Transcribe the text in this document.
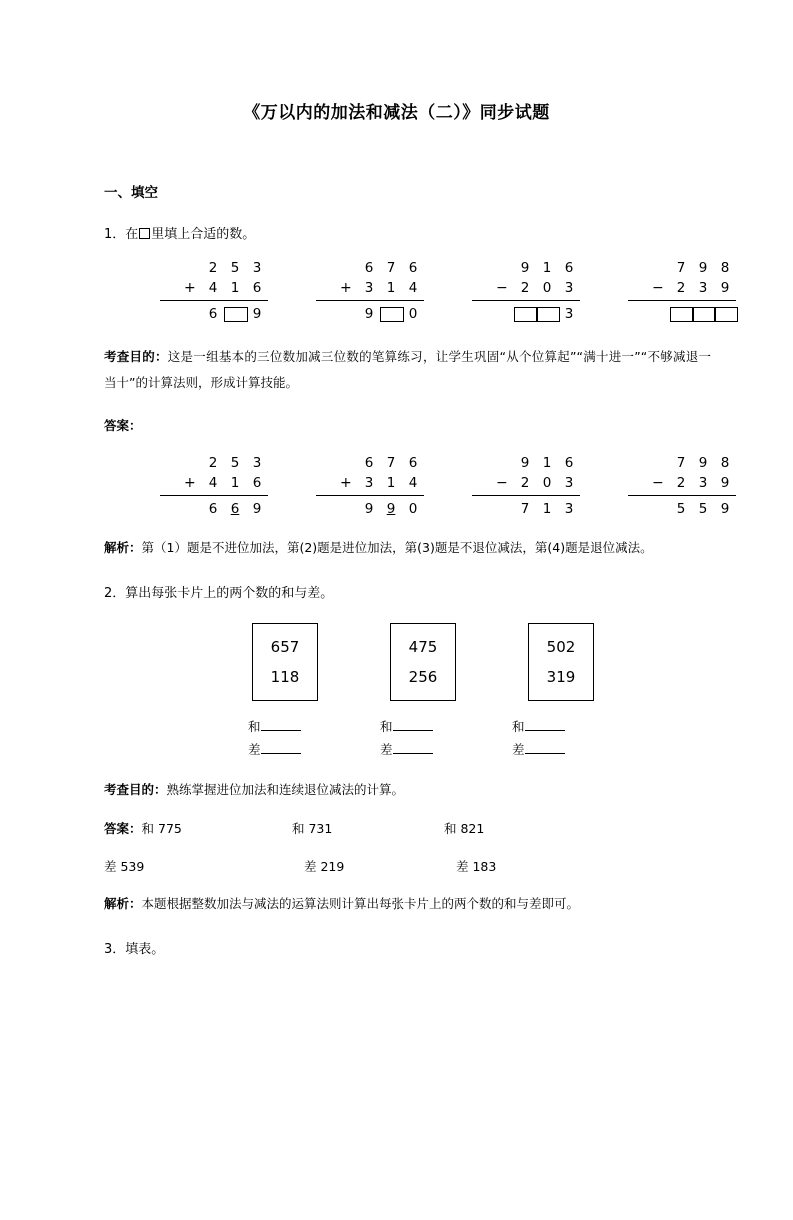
《万以内的加法和减法（二）》同步试题
一、填空
1．在 里填上合适的数。
2 5 3
+ 4 1 6
6	9
6 7 6
+ 3 1 4
9	0
9 1 6
− 2 0 3
3
7 9 8
− 2 3 9
考查目的：这是一组基本的三位数加减三位数的笔算练习，让学生巩固“从个位算起”“满十进一”“不够减退一当十”的计算法则，形成计算技能。
答案：
2 5 3
+ 4 1 6
6 6 9
6 7 6
+ 3 1 4
9 9 0
9 1 6
− 2 0 3
7 1 3
7 9 8
− 2 3 9
5 5 9
解析：第（1）题是不进位加法，第(2)题是进位加法，第(3)题是不退位减法，第(4)题是退位减法。
2．算出每张卡片上的两个数的和与差。
657
118
475
256
502
319
和
差
和
差
和
差
考查目的：熟练掌握进位加法和连续退位减法的计算。
答案：和 775	和 731	和 821
差 539	差 219	差 183
解析：本题根据整数加法与减法的运算法则计算出每张卡片上的两个数的和与差即可。
3．填表。
